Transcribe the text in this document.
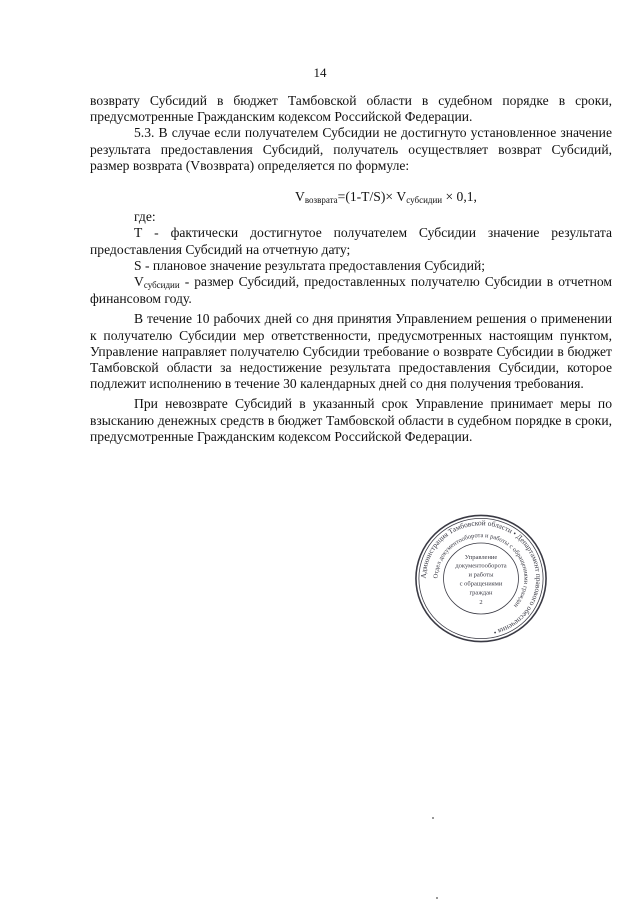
14

возврату Субсидий в бюджет Тамбовской области в судебном порядке в сроки, предусмотренные Гражданским кодексом Российской Федерации.

5.3. В случае если получателем Субсидии не достигнуто установленное значение результата предоставления Субсидий, получатель осуществляет возврат Субсидий, размер возврата (Vвозврата) определяется по формуле:

Vвозврата=(1-T/S)× Vсубсидии × 0,1,

где:

Т - фактически достигнутое получателем Субсидии значение результата предоставления Субсидий на отчетную дату;

S - плановое значение результата предоставления Субсидий;

Vсубсидии - размер Субсидий, предоставленных получателю Субсидии в отчетном финансовом году.

В течение 10 рабочих дней со дня принятия Управлением решения о применении к получателю Субсидии мер ответственности, предусмотренных настоящим пунктом, Управление направляет получателю Субсидии требование о возврате Субсидии в бюджет Тамбовской области за недостижение результата предоставления Субсидии, которое подлежит исполнению в течение 30 календарных дней со дня получения требования.

При невозврате Субсидий в указанный срок Управление принимает меры по взысканию денежных средств в бюджет Тамбовской области в судебном порядке в сроки, предусмотренные Гражданским кодексом Российской Федерации.

Администрация Тамбовской области • Департамент правового обеспечения •
Отдел документооборота и работы с обращениями граждан
Управление
документооборота
и работы
с обращениями
граждан
2
